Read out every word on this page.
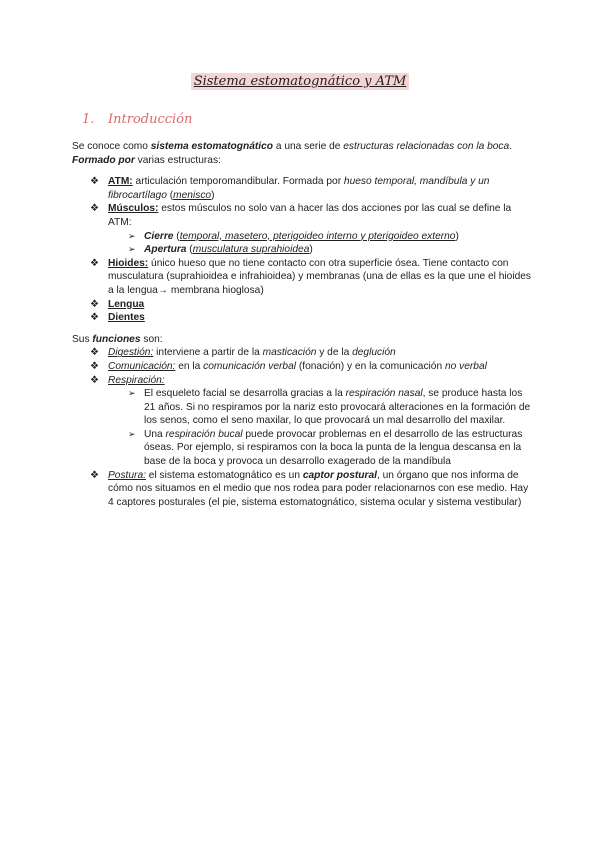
Sistema estomatognático y ATM
1. Introducción

Se conoce como sistema estomatognático a una serie de estructuras relacionadas con la boca. Formado por varias estructuras:

❖ ATM: articulación temporomandibular. Formada por hueso temporal, mandíbula y un fibrocartílago (menisco)
❖ Músculos: estos músculos no solo van a hacer las dos acciones por las cual se define la ATM:
➢ Cierre (temporal, masetero, pterigoideo interno y pterigoideo externo)
➢ Apertura (musculatura suprahioidea)
❖ Hioides: único hueso que no tiene contacto con otra superficie ósea. Tiene contacto con musculatura (suprahioidea e infrahioidea) y membranas (una de ellas es la que une el hioides a la lengua→ membrana hioglosa)
❖ Lengua
❖ Dientes

Sus funciones son:

❖ Digestión: interviene a partir de la masticación y de la deglución
❖ Comunicación: en la comunicación verbal (fonación) y en la comunicación no verbal
❖ Respiración:
➢ El esqueleto facial se desarrolla gracias a la respiración nasal, se produce hasta los 21 años. Si no respiramos por la nariz esto provocará alteraciones en la formación de los senos, como el seno maxilar, lo que provocará un mal desarrollo del maxilar.
➢ Una respiración bucal puede provocar problemas en el desarrollo de las estructuras óseas. Por ejemplo, si respiramos con la boca la punta de la lengua descansa en la base de la boca y provoca un desarrollo exagerado de la mandíbula
❖ Postura: el sistema estomatognático es un captor postural, un órgano que nos informa de cómo nos situamos en el medio que nos rodea para poder relacionarnos con ese medio. Hay 4 captores posturales (el pie, sistema estomatognático, sistema ocular y sistema vestibular)
